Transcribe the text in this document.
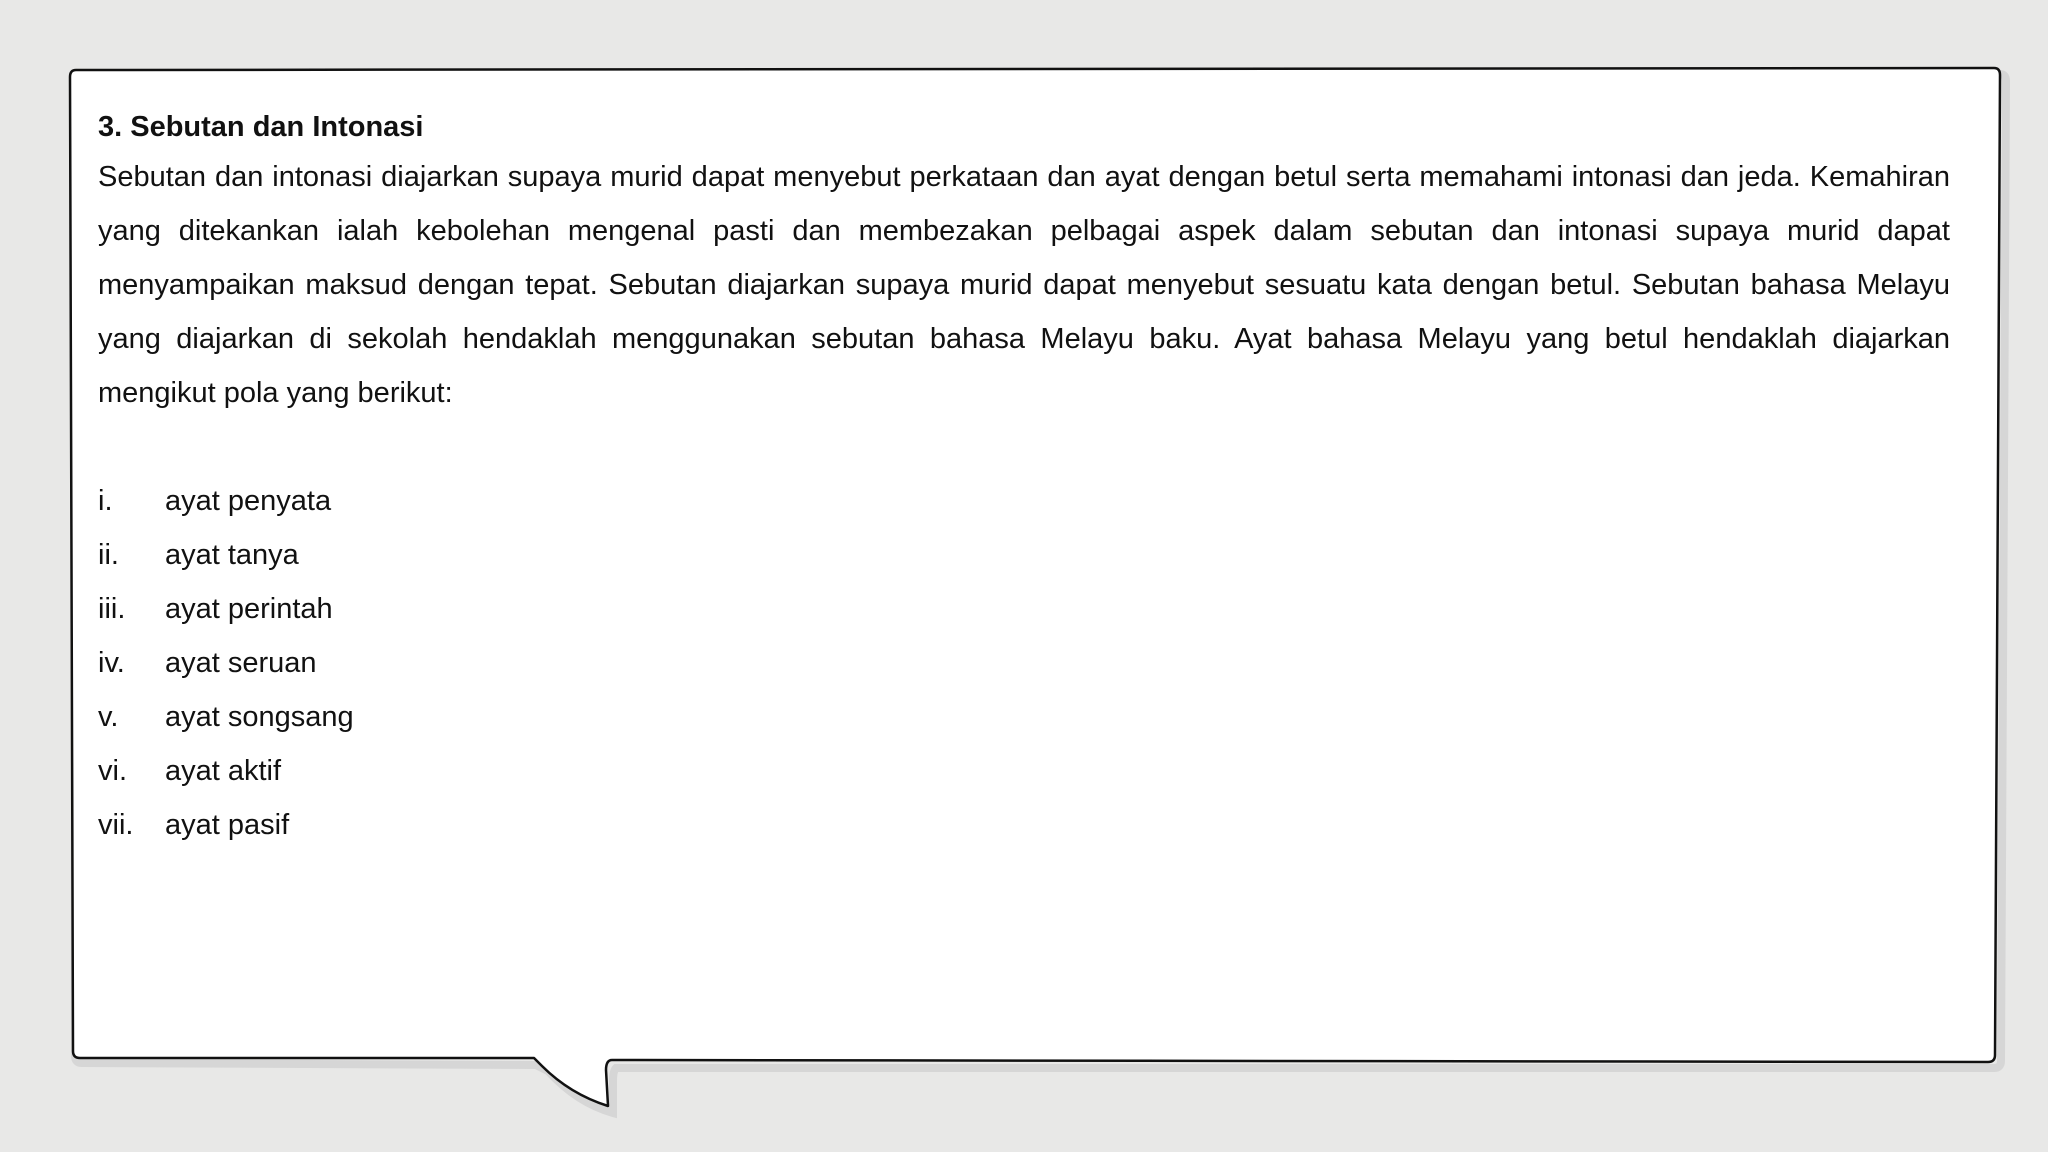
3. Sebutan dan Intonasi

Sebutan dan intonasi diajarkan supaya murid dapat menyebut perkataan dan ayat dengan betul serta memahami intonasi dan jeda. Kemahiran yang ditekankan ialah kebolehan mengenal pasti dan membezakan pelbagai aspek dalam sebutan dan intonasi supaya murid dapat menyampaikan maksud dengan tepat. Sebutan diajarkan supaya murid dapat menyebut sesuatu kata dengan betul. Sebutan bahasa Melayu yang diajarkan di sekolah hendaklah menggunakan sebutan bahasa Melayu baku. Ayat bahasa Melayu yang betul hendaklah diajarkan mengikut pola yang berikut:

i.	ayat penyata
ii.	ayat tanya
iii.	ayat perintah
iv.	ayat seruan
v.	ayat songsang
vi.	ayat aktif
vii.	ayat pasif
